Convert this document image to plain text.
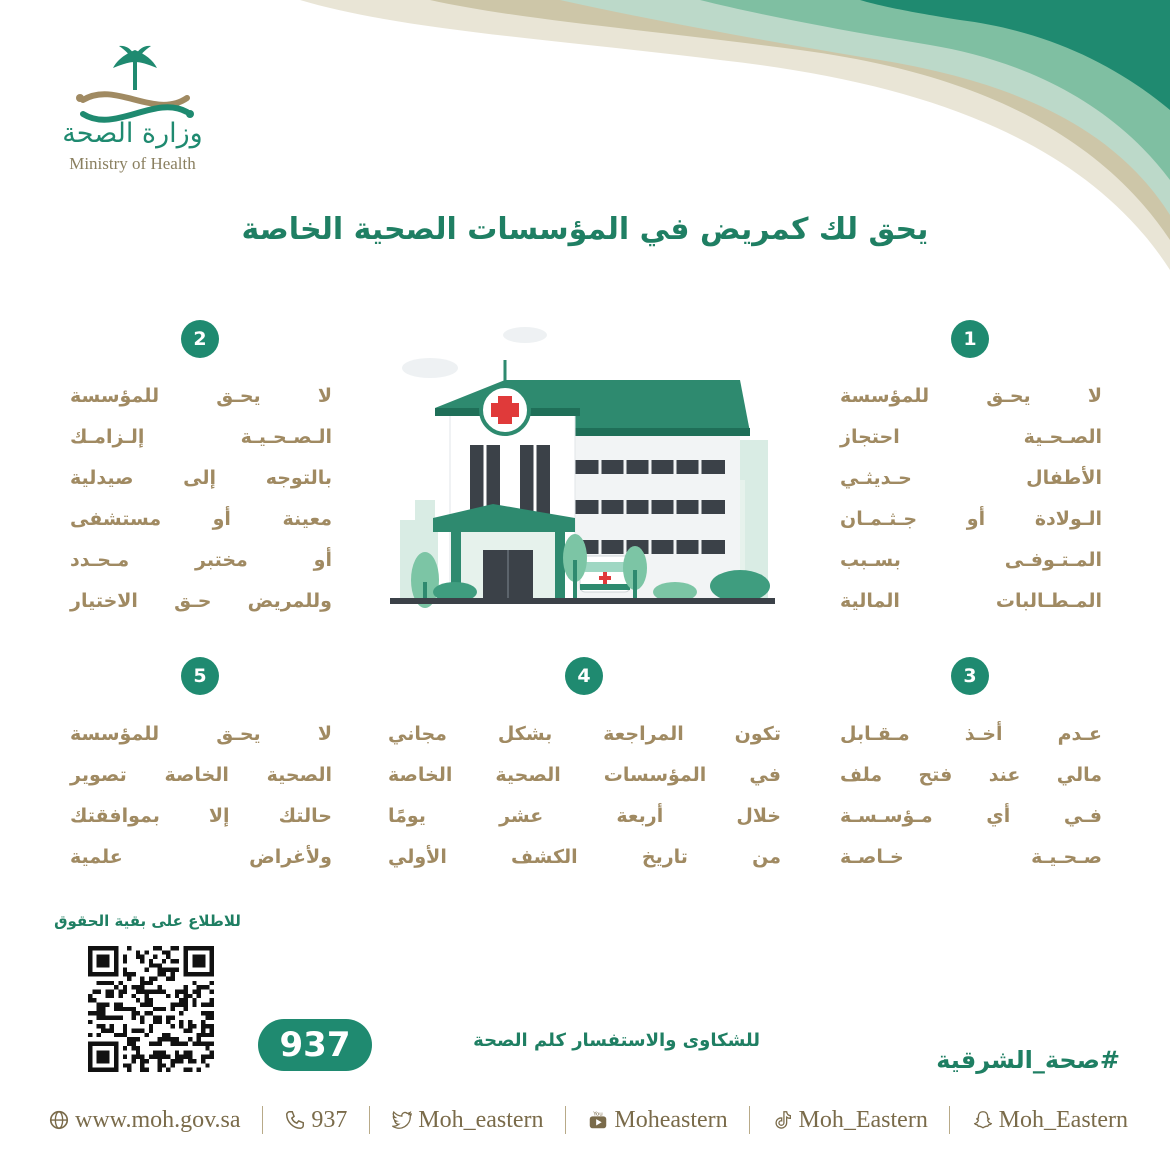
وزارة الصحة
Ministry of Health
يحق لك كمريض في المؤسسات الصحية الخاصة
1
2
3
4
5
لا يحـق للمؤسسة
الصـحـية احتجاز
الأطفال حـديثـي
الـولادة أو جـثـمـان
المـتـوفـى بسـبب
المـطـالبات المالية
لا يحـق للمؤسسة
الـصـحـيـة إلـزامـك
بالتوجه إلى صيدلية
معينة أو مستشفى
أو مختبر مـحـدد
وللمريض حـق الاختيار
عـدم أخـذ مـقـابل
مالي عند فتح ملف
فـي أي مـؤسـسـة
صـحـيـة خـاصـة
تكون المراجعة بشكل مجاني
في المؤسسات الصحية الخاصة
خلال أربعة عشر يومًا
من تاريخ الكشف الأولي
لا يحـق للمؤسسة
الصحية الخاصة تصوير
حالتك إلا بموافقتك
ولأغراض علمية
للاطلاع على بقية الحقوق
937	للشكاوى والاستفسار كلم الصحة
#صحة_الشرقية
www.moh.gov.sa	937	Moh_eastern	You Moheastern	Moh_Eastern	Moh_Eastern
